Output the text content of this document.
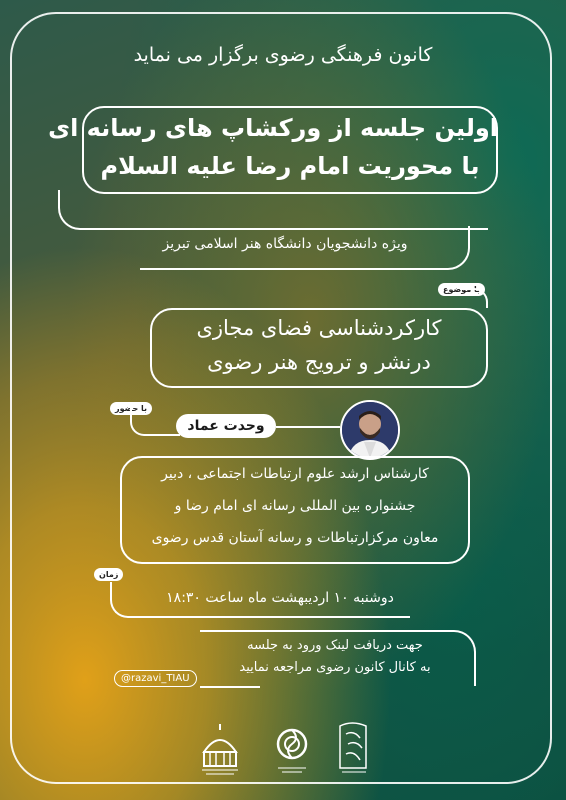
کانون فرهنگی رضوی برگزار می نماید
اولین جلسه از ورکشاپ های رسانه ای
با محوریت امام رضا علیه السلام
ویژه دانشجویان دانشگاه هنر اسلامی تبریز
با موضوع
کارکردشناسی فضای مجازی
درنشر و ترویج هنر رضوی
با حضور
وحدت عماد
کارشناس ارشد علوم ارتباطات اجتماعی ، دبیر
جشنواره بین المللی رسانه ای امام رضا و
معاون مرکزارتباطات و رسانه آستان قدس رضوی
زمان
دوشنبه ۱۰ اردیبهشت ماه ساعت ۱۸:۳۰
جهت دریافت لینک ورود به جلسه
به کانال کانون رضوی مراجعه نمایید
@razavi_TIAU
